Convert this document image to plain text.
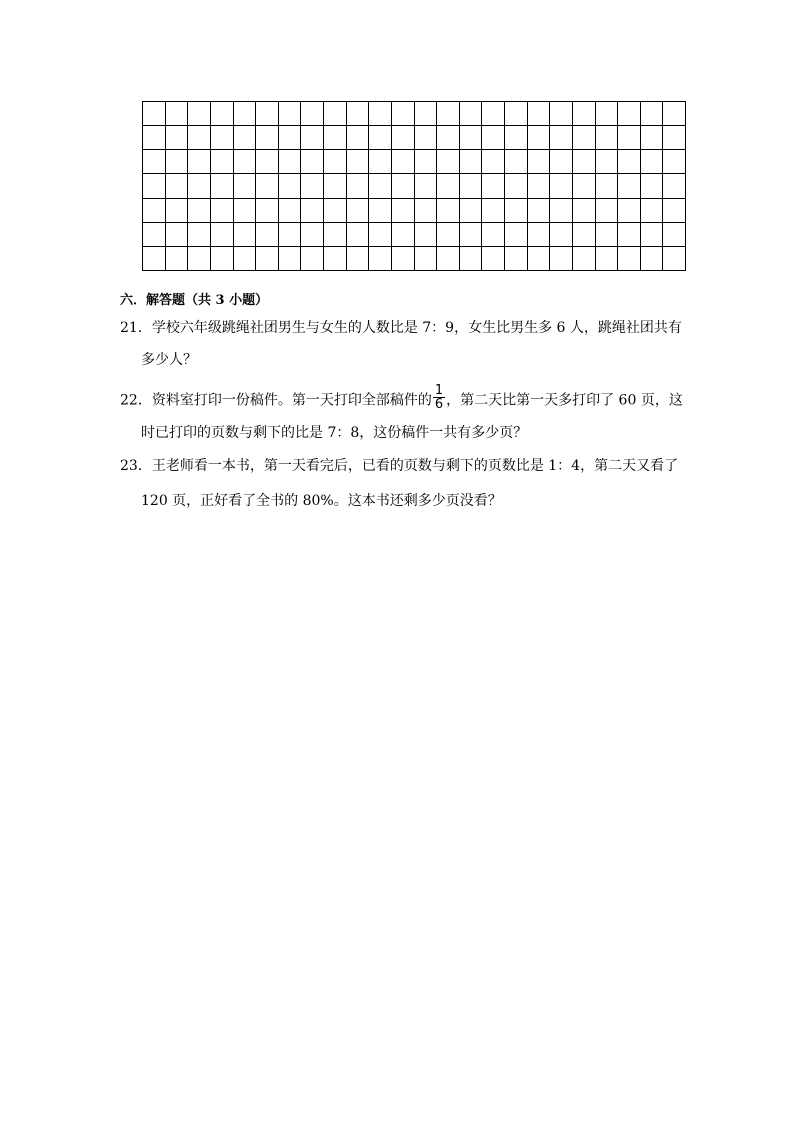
六．解答题（共 3 小题）
21．学校六年级跳绳社团男生与女生的人数比是 7：9，女生比男生多 6 人，跳绳社团共有
多少人？
22．资料室打印一份稿件。第一天打印全部稿件的 $\frac{1}{6}$ ，第二天比第一天多打印了 60 页，这
时已打印的页数与剩下的比是 7：8，这份稿件一共有多少页？
23．王老师看一本书，第一天看完后，已看的页数与剩下的页数比是 1：4，第二天又看了
120 页，正好看了全书的 80%。这本书还剩多少页没看？
